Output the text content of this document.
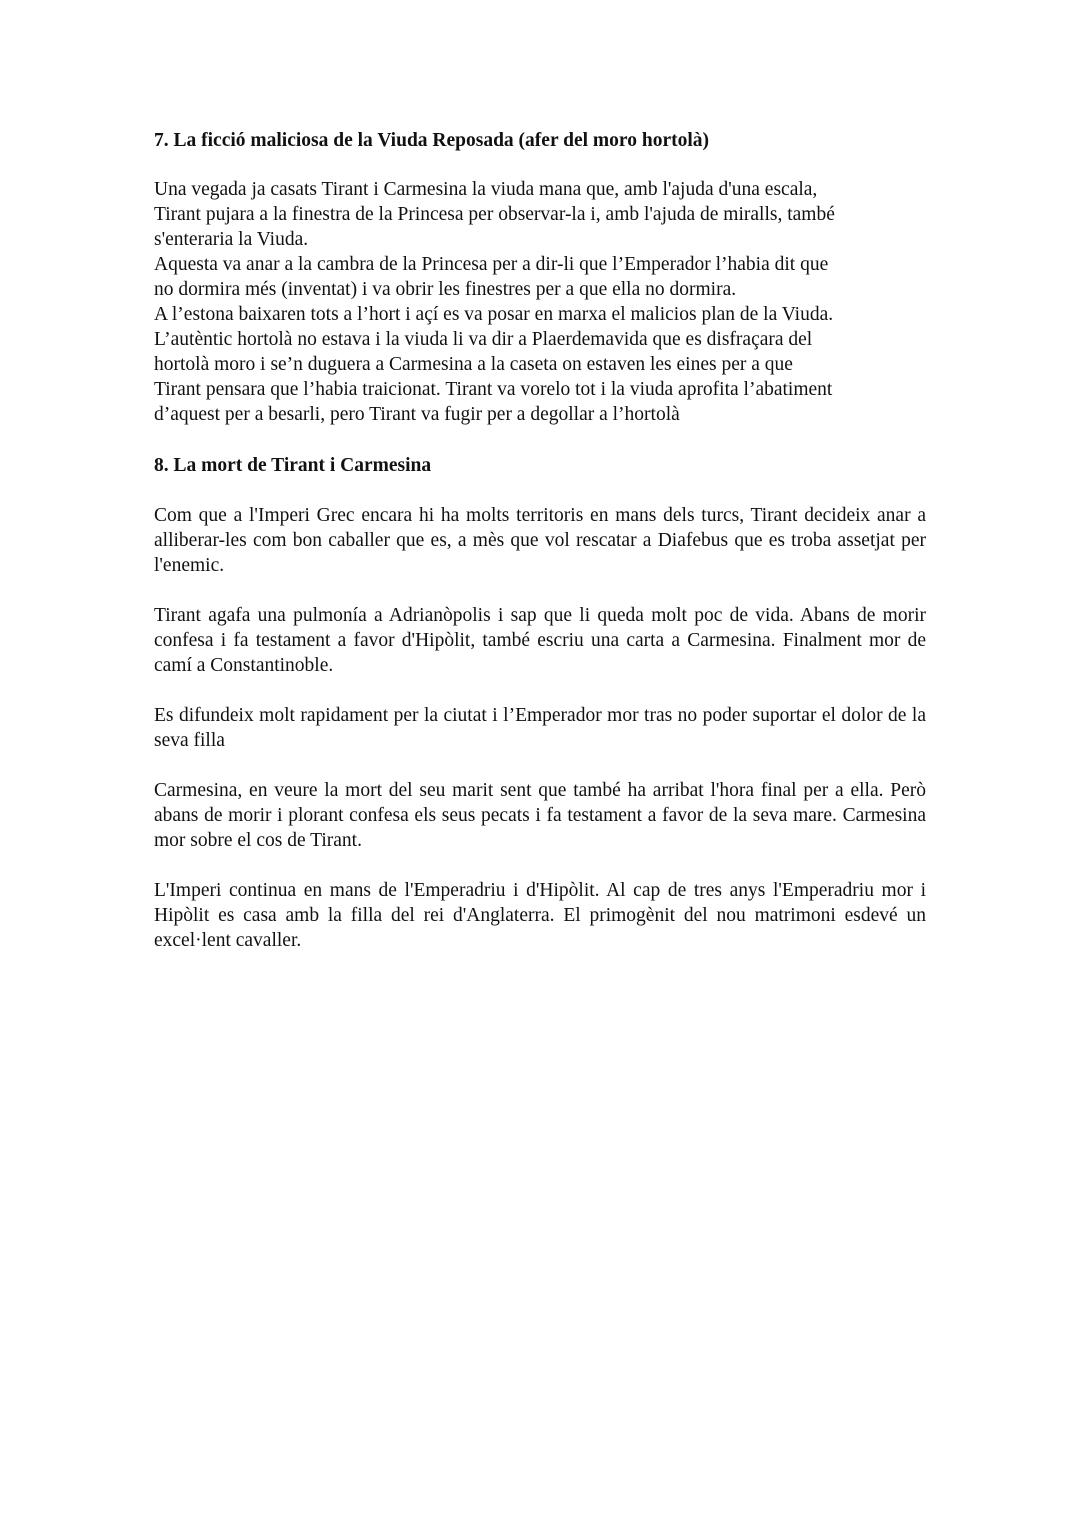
7. La ficció maliciosa de la Viuda Reposada (afer del moro hortolà)

Una vegada ja casats Tirant i Carmesina la viuda mana que, amb l'ajuda d'una escala,

Tirant pujara a la finestra de la Princesa per observar-la i, amb l'ajuda de miralls, també

s'enteraria la Viuda.

Aquesta va anar a la cambra de la Princesa per a dir-li que l’Emperador l’habia dit que

no dormira més (inventat) i va obrir les finestres per a que ella no dormira.

A l’estona baixaren tots a l’hort i açí es va posar en marxa el malicios plan de la Viuda.

L’autèntic hortolà no estava i la viuda li va dir a Plaerdemavida que es disfraçara del

hortolà moro i se’n duguera a Carmesina a la caseta on estaven les eines per a que

Tirant pensara que l’habia traicionat. Tirant va vorelo tot i la viuda aprofita l’abatiment

d’aquest per a besarli, pero Tirant va fugir per a degollar a l’hortolà

8. La mort de Tirant i Carmesina

Com que a l'Imperi Grec encara hi ha molts territoris en mans dels turcs, Tirant decideix anar a alliberar-les com bon caballer que es, a mès que vol rescatar a Diafebus que es troba assetjat per l'enemic.

Tirant agafa una pulmonía a Adrianòpolis i sap que li queda molt poc de vida. Abans de morir confesa i fa testament a favor d'Hipòlit, també escriu una carta a Carmesina. Finalment mor de camí a Constantinoble.

Es difundeix molt rapidament per la ciutat i l’Emperador mor tras no poder suportar el dolor de la seva filla

Carmesina, en veure la mort del seu marit sent que també ha arribat l'hora final per a ella. Però abans de morir i plorant confesa els seus pecats i fa testament a favor de la seva mare. Carmesina mor sobre el cos de Tirant.

L'Imperi continua en mans de l'Emperadriu i d'Hipòlit. Al cap de tres anys l'Emperadriu mor i Hipòlit es casa amb la filla del rei d'Anglaterra. El primogènit del nou matrimoni esdevé un excel·lent cavaller.
